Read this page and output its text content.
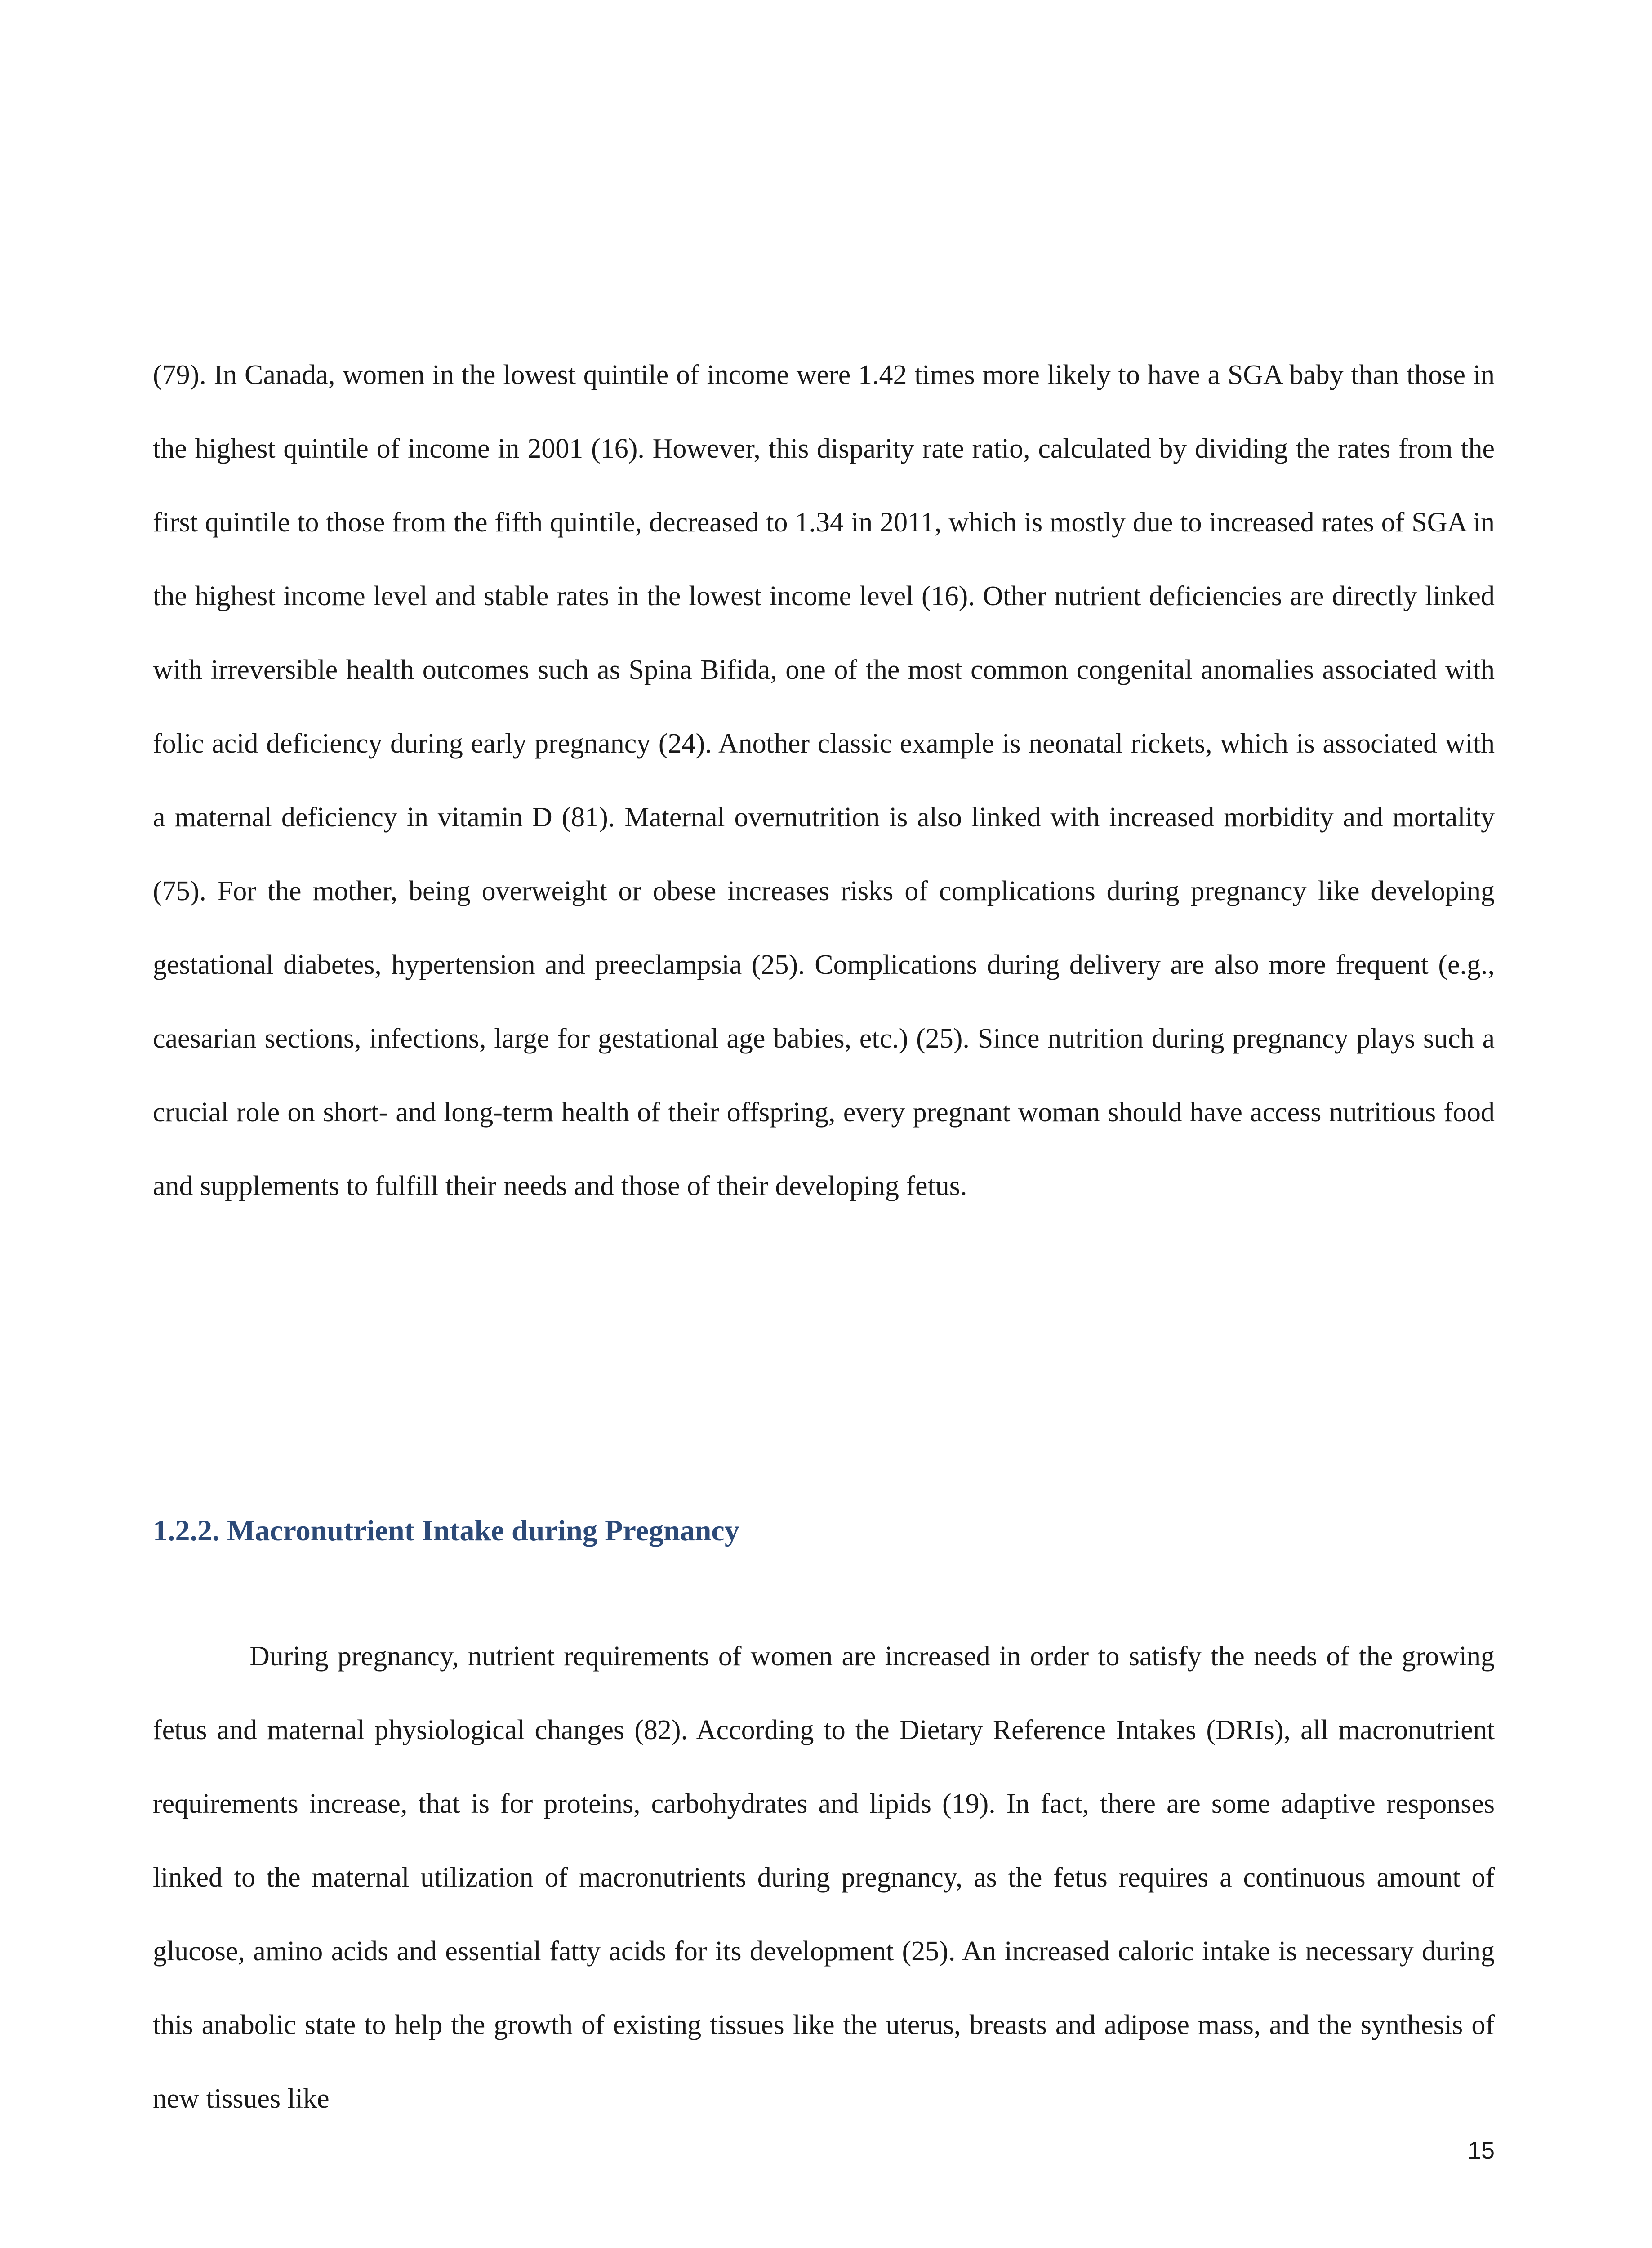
(79). In Canada, women in the lowest quintile of income were 1.42 times more likely to have a SGA baby than those in the highest quintile of income in 2001 (16). However, this disparity rate ratio, calculated by dividing the rates from the first quintile to those from the fifth quintile, decreased to 1.34 in 2011, which is mostly due to increased rates of SGA in the highest income level and stable rates in the lowest income level (16). Other nutrient deficiencies are directly linked with irreversible health outcomes such as Spina Bifida, one of the most common congenital anomalies associated with folic acid deficiency during early pregnancy (24). Another classic example is neonatal rickets, which is associated with a maternal deficiency in vitamin D (81). Maternal overnutrition is also linked with increased morbidity and mortality (75). For the mother, being overweight or obese increases risks of complications during pregnancy like developing gestational diabetes, hypertension and preeclampsia (25). Complications during delivery are also more frequent (e.g., caesarian sections, infections, large for gestational age babies, etc.) (25). Since nutrition during pregnancy plays such a crucial role on short- and long-term health of their offspring, every pregnant woman should have access nutritious food and supplements to fulfill their needs and those of their developing fetus.

1.2.2. Macronutrient Intake during Pregnancy

During pregnancy, nutrient requirements of women are increased in order to satisfy the needs of the growing fetus and maternal physiological changes (82). According to the Dietary Reference Intakes (DRIs), all macronutrient requirements increase, that is for proteins, carbohydrates and lipids (19). In fact, there are some adaptive responses linked to the maternal utilization of macronutrients during pregnancy, as the fetus requires a continuous amount of glucose, amino acids and essential fatty acids for its development (25). An increased caloric intake is necessary during this anabolic state to help the growth of existing tissues like the uterus, breasts and adipose mass, and the synthesis of new tissues like

15
